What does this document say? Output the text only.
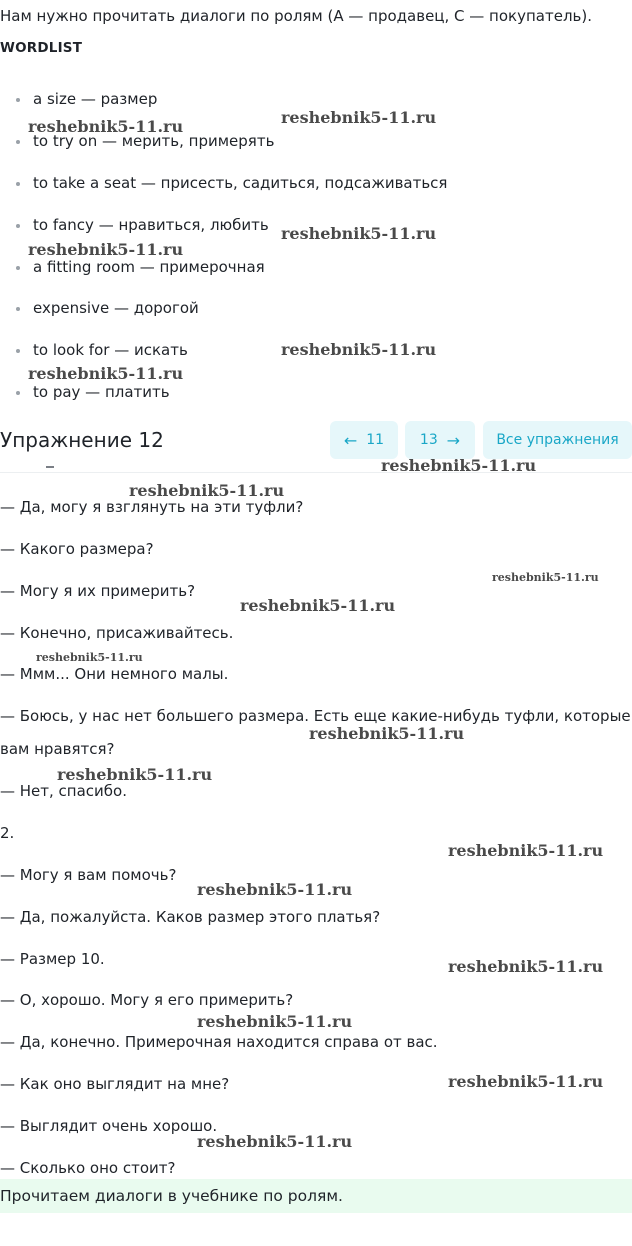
Нам нужно прочитать диалоги по ролям (А — продавец, С — покупатель).
WORDLIST
a size — размер
to try on — мерить, примерять
to take a seat — присесть, садиться, подсаживаться
to fancy — нравиться, любить
a fitting room — примерочная
expensive — дорогой
to look for — искать
to pay — платить
Упражнение 12	←
11	13
→	Все упражнения
— Да, могу я взглянуть на эти туфли?
— Какого размера?
— Могу я их примерить?
— Конечно, присаживайтесь.
— Ммм... Они немного малы.
— Боюсь, у нас нет большего размера. Есть еще какие-нибудь туфли, которые
вам нравятся?
— Нет, спасибо.
2.
— Могу я вам помочь?
— Да, пожалуйста. Каков размер этого платья?
— Размер 10.
— О, хорошо. Могу я его примерить?
— Да, конечно. Примерочная находится справа от вас.
— Как оно выглядит на мне?
— Выглядит очень хорошо.
— Сколько оно стоит?
Прочитаем диалоги в учебнике по ролям.
reshebnik5-11.ru	reshebnik5-11.ru
reshebnik5-11.ru
reshebnik5-11.ru
reshebnik5-11.ru
reshebnik5-11.ru
reshebnik5-11.ru
reshebnik5-11.ru
reshebnik5-11.ru
reshebnik5-11.ru
reshebnik5-11.ru
reshebnik5-11.ru
reshebnik5-11.ru
reshebnik5-11.ru
reshebnik5-11.ru
reshebnik5-11.ru
reshebnik5-11.ru
reshebnik5-11.ru
reshebnik5-11.ru
